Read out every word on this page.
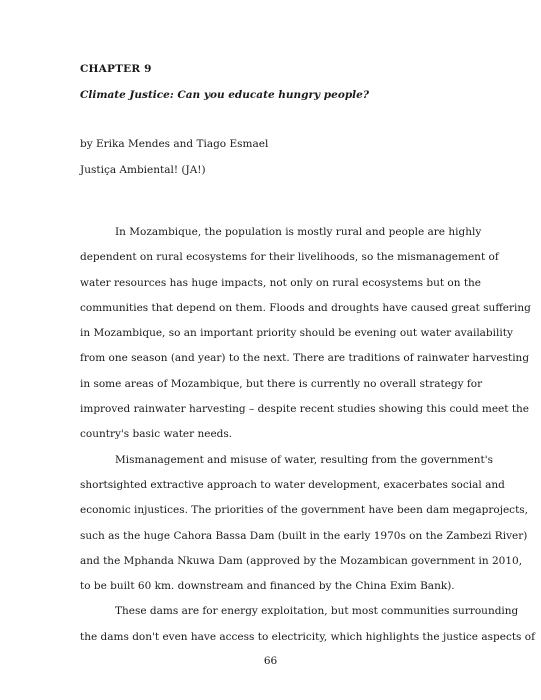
CHAPTER 9
Climate Justice: Can you educate hungry people?
by Erika Mendes and Tiago Esmael
Justiça Ambiental! (JA!)
In Mozambique, the population is mostly rural and people are highly
dependent on rural ecosystems for their livelihoods, so the mismanagement of
water resources has huge impacts, not only on rural ecosystems but on the
communities that depend on them. Floods and droughts have caused great suffering
in Mozambique, so an important priority should be evening out water availability
from one season (and year) to the next. There are traditions of rainwater harvesting
in some areas of Mozambique, but there is currently no overall strategy for
improved rainwater harvesting – despite recent studies showing this could meet the
country's basic water needs.
Mismanagement and misuse of water, resulting from the government's
shortsighted extractive approach to water development, exacerbates social and
economic injustices. The priorities of the government have been dam megaprojects,
such as the huge Cahora Bassa Dam (built in the early 1970s on the Zambezi River)
and the Mphanda Nkuwa Dam (approved by the Mozambican government in 2010,
to be built 60 km. downstream and financed by the China Exim Bank).
These dams are for energy exploitation, but most communities surrounding
the dams don't even have access to electricity, which highlights the justice aspects of
66
